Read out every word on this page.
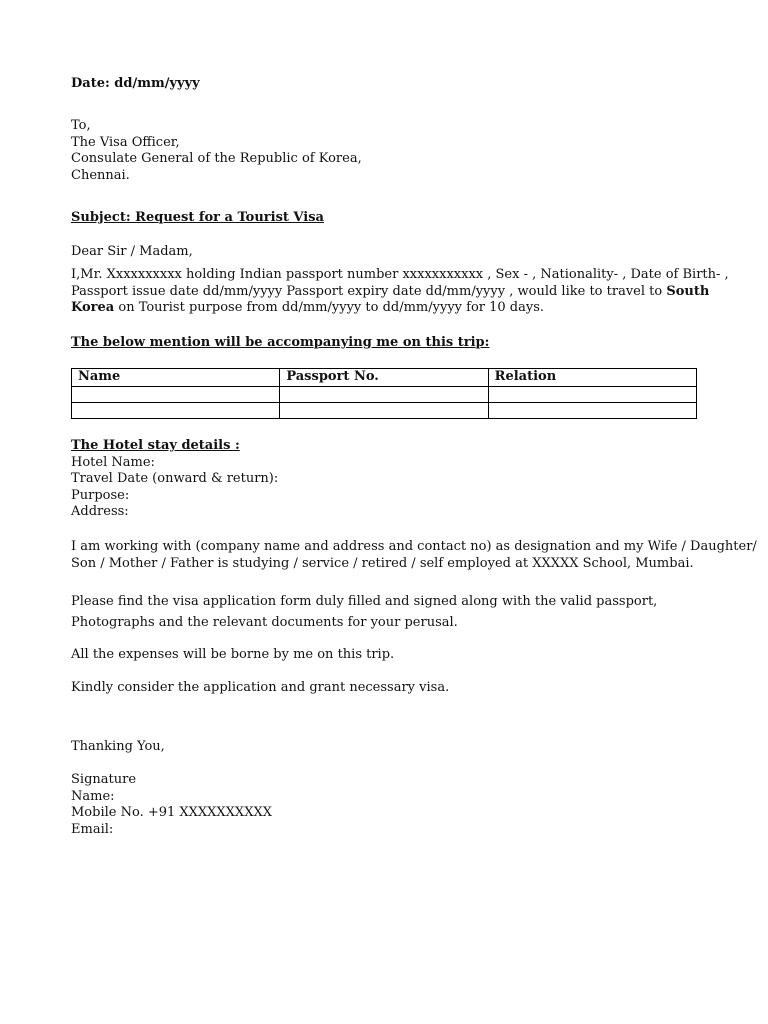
Date: dd/mm/yyyy

To,

The Visa Officer,

Consulate General of the Republic of Korea,

Chennai.

Subject: Request for a Tourist Visa

Dear Sir / Madam,

I,Mr. Xxxxxxxxxx holding Indian passport number xxxxxxxxxxx , Sex - , Nationality- , Date of Birth- ,

Passport issue date dd/mm/yyyy Passport expiry date dd/mm/yyyy , would like to travel to South

Korea on Tourist purpose from dd/mm/yyyy to dd/mm/yyyy for 10 days.

The below mention will be accompanying me on this trip:

Name	Passport No.	Relation

The Hotel stay details :

Hotel Name:

Travel Date (onward & return):

Purpose:

Address:

I am working with (company name and address and contact no) as designation and my Wife / Daughter/

Son / Mother / Father is studying / service / retired / self employed at XXXXX School, Mumbai.

Please find the visa application form duly filled and signed along with the valid passport,

Photographs and the relevant documents for your perusal.

All the expenses will be borne by me on this trip.

Kindly consider the application and grant necessary visa.

Thanking You,

Signature

Name:

Mobile No. +91 XXXXXXXXXX

Email:
